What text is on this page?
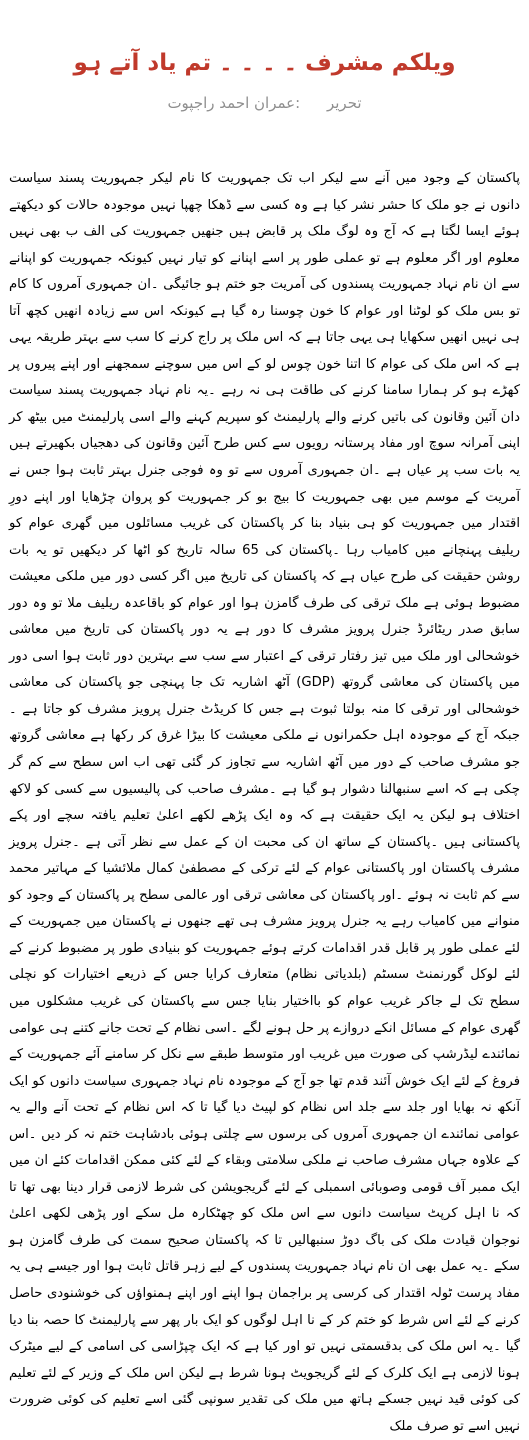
ویلکم مشرف ۔ ۔ ۔ ۔ تم یاد آتے ہو
تحریر :عمران احمد راجپوت

پاکستان کے وجود میں آنے سے لیکر اب تک جمہوریت کا نام لیکر جمہوریت پسند سیاست دانوں نے جو ملک کا حشر نشر کیا ہے وہ کسی سے ڈھکا چھپا نہیں موجودہ حالات کو دیکھتے ہوئے ایسا لگتا ہے کہ آج وہ لوگ ملک پر قابض ہیں جنھیں جمہوریت کی الف ب بھی نہیں معلوم اور اگر معلوم ہے تو عملی طور پر اسے اپنانے کو تیار نہیں کیونکہ جمہوریت کو اپنانے سے ان نام نہاد جمہوریت پسندوں کی آمریت جو ختم ہو جائیگی ۔ان جمہوری آمروں کا کام تو بس ملک کو لوٹنا اور عوام کا خون چوسنا رہ گیا ہے کیونکہ اس سے زیادہ انھیں کچھ آتا ہی نہیں انھیں سکھایا ہی یہی جاتا ہے کہ اس ملک پر راج کرنے کا سب سے بہتر طریقہ یہی ہے کہ اس ملک کی عوام کا اتنا خون چوس لو کے اس میں سوچنے سمجھنے اور اپنے پیروں پر کھڑے ہو کر ہمارا سامنا کرنے کی طاقت ہی نہ رہے ۔یہ نام نہاد جمہوریت پسند سیاست دان آئین وقانون کی باتیں کرنے والے پارلیمنٹ کو سپریم کہنے والے اسی پارلیمنٹ میں بیٹھ کر اپنی آمرانہ سوچ اور مفاد پرستانہ رویوں سے کس طرح آئین وقانون کی دھجیاں بکھیرتے ہیں یہ بات سب پر عیاں ہے ۔ان جمہوری آمروں سے تو وہ فوجی جنرل بہتر ثابت ہوا جس نے آمریت کے موسم میں بھی جمہوریت کا بیج بو کر جمہوریت کو پروان چڑھایا اور اپنے دورِ اقتدار میں جمہوریت کو ہی بنیاد بنا کر پاکستان کی غریب مسائلوں میں گھری عوام کو ریلیف پہنچانے میں کامیاب رہا ۔پاکستان کی 65 سالہ تاریخ کو اٹھا کر دیکھیں تو یہ بات روشن حقیقت کی طرح عیاں ہے کہ پاکستان کی تاریخ میں اگر کسی دور میں ملکی معیشت مضبوط ہوئی ہے ملک ترقی کی طرف گامزن ہوا اور عوام کو باقاعدہ ریلیف ملا تو وہ دور سابق صدر ریٹائرڈ جنرل پرویز مشرف کا دور ہے یہ دور پاکستان کی تاریخ میں معاشی خوشحالی اور ملک میں تیز رفتار ترقی کے اعتبار سے سب سے بہترین دور ثابت ہوا اسی دور میں پاکستان کی معاشی گروتھ (GDP) آٹھ اشاریہ تک جا پہنچی جو پاکستان کی معاشی خوشحالی اور ترقی کا منہ بولتا ثبوت ہے جس کا کریڈٹ جنرل پرویز مشرف کو جاتا ہے ۔جبکہ آج کے موجودہ اہل حکمرانوں نے ملکی معیشت کا بیڑا غرق کر رکھا ہے معاشی گروتھ جو مشرف صاحب کے دور میں آٹھ اشاریہ سے تجاوز کر گئی تھی اب اس سطح سے کم گر چکی ہے کہ اسے سنبھالنا دشوار ہو گیا ہے ۔مشرف صاحب کی پالیسیوں سے کسی کو لاکھ اختلاف ہو لیکن یہ ایک حقیقت ہے کہ وہ ایک پڑھے لکھے اعلیٰ تعلیم یافتہ سچے اور پکے پاکستانی ہیں ۔پاکستان کے ساتھ ان کی محبت ان کے عمل سے نظر آتی ہے ۔جنرل پرویز مشرف پاکستان اور پاکستانی عوام کے لئے ترکی کے مصطفیٰ کمال ملائشیا کے مہاتیر محمد سے کم ثابت نہ ہوئے ۔اور پاکستان کی معاشی ترقی اور عالمی سطح پر پاکستان کے وجود کو منوانے میں کامیاب رہے یہ جنرل پرویز مشرف ہی تھے جنھوں نے پاکستان میں جمہوریت کے لئے عملی طور پر قابل قدر اقدامات کرتے ہوئے جمہوریت کو بنیادی طور پر مضبوط کرنے کے لئے لوکل گورنمنٹ سسٹم (بلدیاتی نظام) متعارف کرایا جس کے ذریعے اختیارات کو نچلی سطح تک لے جاکر غریب عوام کو بااختیار بنایا جس سے پاکستان کی غریب مشکلوں میں گھری عوام کے مسائل انکے دروازے پر حل ہونے لگے ۔اسی نظام کے تحت جانے کتنے ہی عوامی نمائندے لیڈرشپ کی صورت میں غریب اور متوسط طبقے سے نکل کر سامنے آئے جمہوریت کے فروغ کے لئے ایک خوش آئند قدم تھا جو آج کے موجودہ نام نہاد جمہوری سیاست دانوں کو ایک آنکھ نہ بھایا اور جلد سے جلد اس نظام کو لپیٹ دیا گیا تا کہ اس نظام کے تحت آنے والے یہ عوامی نمائندے ان جمہوری آمروں کی برسوں سے چلتی ہوئی بادشاہت ختم نہ کر دیں ۔اس کے علاوہ جہاں مشرف صاحب نے ملکی سلامتی وبقاء کے لئے کئی ممکن اقدامات کئے ان میں ایک ممبر آف قومی وصوبائی اسمبلی کے لئے گریجویشن کی شرط لازمی قرار دینا بھی تھا تا کہ نا اہل کرپٹ سیاست دانوں سے اس ملک کو چھٹکارہ مل سکے اور پڑھی لکھی اعلیٰ نوجوان قیادت ملک کی باگ دوڑ سنبھالیں تا کہ پاکستان صحیح سمت کی طرف گامزن ہو سکے ۔یہ عمل بھی ان نام نہاد جمہوریت پسندوں کے لیے زہر قاتل ثابت ہوا اور جیسے ہی یہ مفاد پرست ٹولہ اقتدار کی کرسی پر براجمان ہوا اپنے اور اپنے ہمنواؤں کی خوشنودی حاصل کرنے کے لئے اس شرط کو ختم کر کے نا اہل لوگوں کو ایک بار پھر سے پارلیمنٹ کا حصہ بنا دیا گیا ۔یہ اس ملک کی بدقسمتی نہیں تو اور کیا ہے کہ ایک چپڑاسی کی اسامی کے لیے میٹرک ہونا لازمی ہے ایک کلرک کے لئے گریجویٹ ہونا شرط ہے لیکن اس ملک کے وزیر کے لئے تعلیم کی کوئی قید نہیں جسکے ہاتھ میں ملک کی تقدیر سونپی گئی اسے تعلیم کی کوئی ضرورت نہیں اسے تو صرف ملک
